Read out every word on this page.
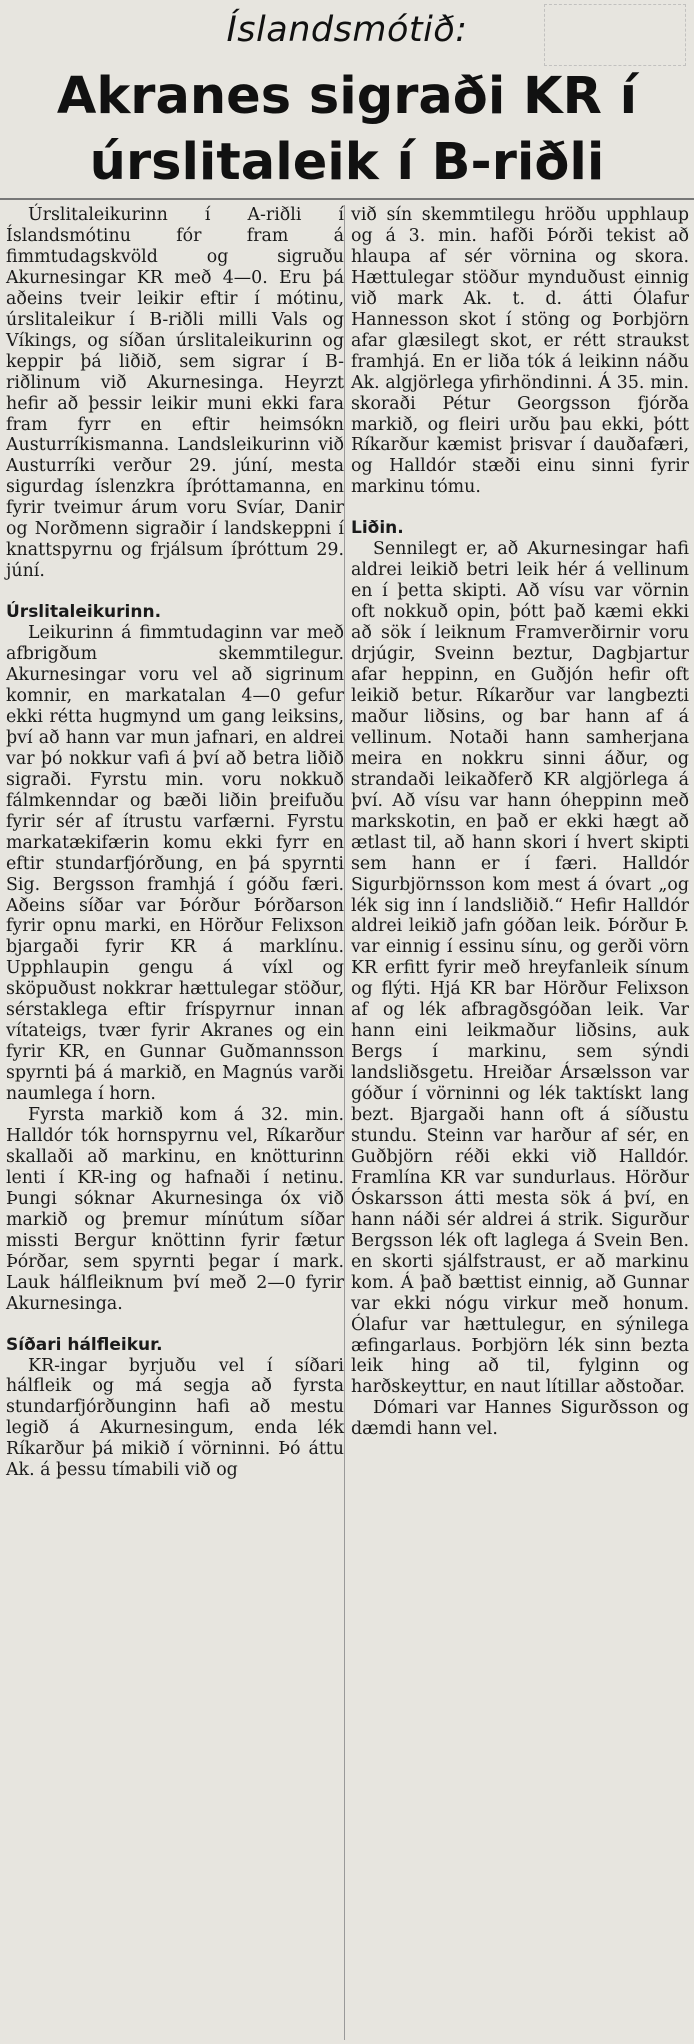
Íslandsmótið:
Akranes sigraði KR í
úrslitaleik í B-riðli

Úrslitaleikurinn í A-riðli í Íslandsmótinu fór fram á fimmtudagskvöld og sigruðu Akurnesingar KR með 4—0. Eru þá aðeins tveir leikir eftir í mótinu, úrslitaleikur í B-riðli milli Vals og Víkings, og síðan úrslitaleikurinn og keppir þá liðið, sem sigrar í B-riðlinum við Akurnesinga. Heyrzt hefir að þessir leikir muni ekki fara fram fyrr en eftir heimsókn Austurríkismanna. Landsleikurinn við Austurríki verður 29. júní, mesta sigurdag íslenzkra íþróttamanna, en fyrir tveimur árum voru Svíar, Danir og Norðmenn sigraðir í landskeppni í knattspyrnu og frjálsum íþróttum 29. júní.

Úrslitaleikurinn.

Leikurinn á fimmtudaginn var með afbrigðum skemmtilegur. Akurnesingar voru vel að sigrinum komnir, en markatalan 4—0 gefur ekki rétta hugmynd um gang leiksins, því að hann var mun jafnari, en aldrei var þó nokkur vafi á því að betra liðið sigraði. Fyrstu min. voru nokkuð fálmkenndar og bæði liðin þreifuðu fyrir sér af ítrustu varfærni. Fyrstu markatækifærin komu ekki fyrr en eftir stundarfjórðung, en þá spyrnti Sig. Bergsson framhjá í góðu færi. Aðeins síðar var Þórður Þórðarson fyrir opnu marki, en Hörður Felixson bjargaði fyrir KR á marklínu. Upphlaupin gengu á víxl og sköpuðust nokkrar hættulegar stöður, sérstaklega eftir fríspyrnur innan vítateigs, tvær fyrir Akranes og ein fyrir KR, en Gunnar Guðmannsson spyrnti þá á markið, en Magnús varði naumlega í horn.

Fyrsta markið kom á 32. min. Halldór tók hornspyrnu vel, Ríkarður skallaði að markinu, en knötturinn lenti í KR-ing og hafnaði í netinu. Þungi sóknar Akurnesinga óx við markið og þremur mínútum síðar missti Bergur knöttinn fyrir fætur Þórðar, sem spyrnti þegar í mark. Lauk hálfleiknum því með 2—0 fyrir Akurnesinga.

Síðari hálfleikur.

KR-ingar byrjuðu vel í síðari hálfleik og má segja að fyrsta stundarfjórðunginn hafi að mestu legið á Akurnesingum, enda lék Ríkarður þá mikið í vörninni. Þó áttu Ak. á þessu tímabili við og

við sín skemmtilegu hröðu upphlaup og á 3. min. hafði Þórði tekist að hlaupa af sér vörnina og skora. Hættulegar stöður mynduðust einnig við mark Ak. t. d. átti Ólafur Hannesson skot í stöng og Þorbjörn afar glæsilegt skot, er rétt straukst framhjá. En er liða tók á leikinn náðu Ak. algjörlega yfirhöndinni. Á 35. min. skoraði Pétur Georgsson fjórða markið, og fleiri urðu þau ekki, þótt Ríkarður kæmist þrisvar í dauðafæri, og Halldór stæði einu sinni fyrir markinu tómu.

Liðin.

Sennilegt er, að Akurnesingar hafi aldrei leikið betri leik hér á vellinum en í þetta skipti. Að vísu var vörnin oft nokkuð opin, þótt það kæmi ekki að sök í leiknum Framverðirnir voru drjúgir, Sveinn beztur, Dagbjartur afar heppinn, en Guðjón hefir oft leikið betur. Ríkarður var langbezti maður liðsins, og bar hann af á vellinum. Notaði hann samherjana meira en nokkru sinni áður, og strandaði leikaðferð KR algjörlega á því. Að vísu var hann óheppinn með markskotin, en það er ekki hægt að ætlast til, að hann skori í hvert skipti sem hann er í færi. Halldór Sigurbjörnsson kom mest á óvart „og lék sig inn í landsliðið.“ Hefir Halldór aldrei leikið jafn góðan leik. Þórður Þ. var einnig í essinu sínu, og gerði vörn KR erfitt fyrir með hreyfanleik sínum og flýti. Hjá KR bar Hörður Felixson af og lék afbragðsgóðan leik. Var hann eini leikmaður liðsins, auk Bergs í markinu, sem sýndi landsliðsgetu. Hreiðar Ársælsson var góður í vörninni og lék taktískt lang bezt. Bjargaði hann oft á síðustu stundu. Steinn var harður af sér, en Guðbjörn réði ekki við Halldór. Framlína KR var sundurlaus. Hörður Óskarsson átti mesta sök á því, en hann náði sér aldrei á strik. Sigurður Bergsson lék oft laglega á Svein Ben. en skorti sjálfstraust, er að markinu kom. Á það bættist einnig, að Gunnar var ekki nógu virkur með honum. Ólafur var hættulegur, en sýnilega æfingarlaus. Þorbjörn lék sinn bezta leik hing að til, fylginn og harðskeyttur, en naut lítillar aðstoðar.

Dómari var Hannes Sigurðsson og dæmdi hann vel.
